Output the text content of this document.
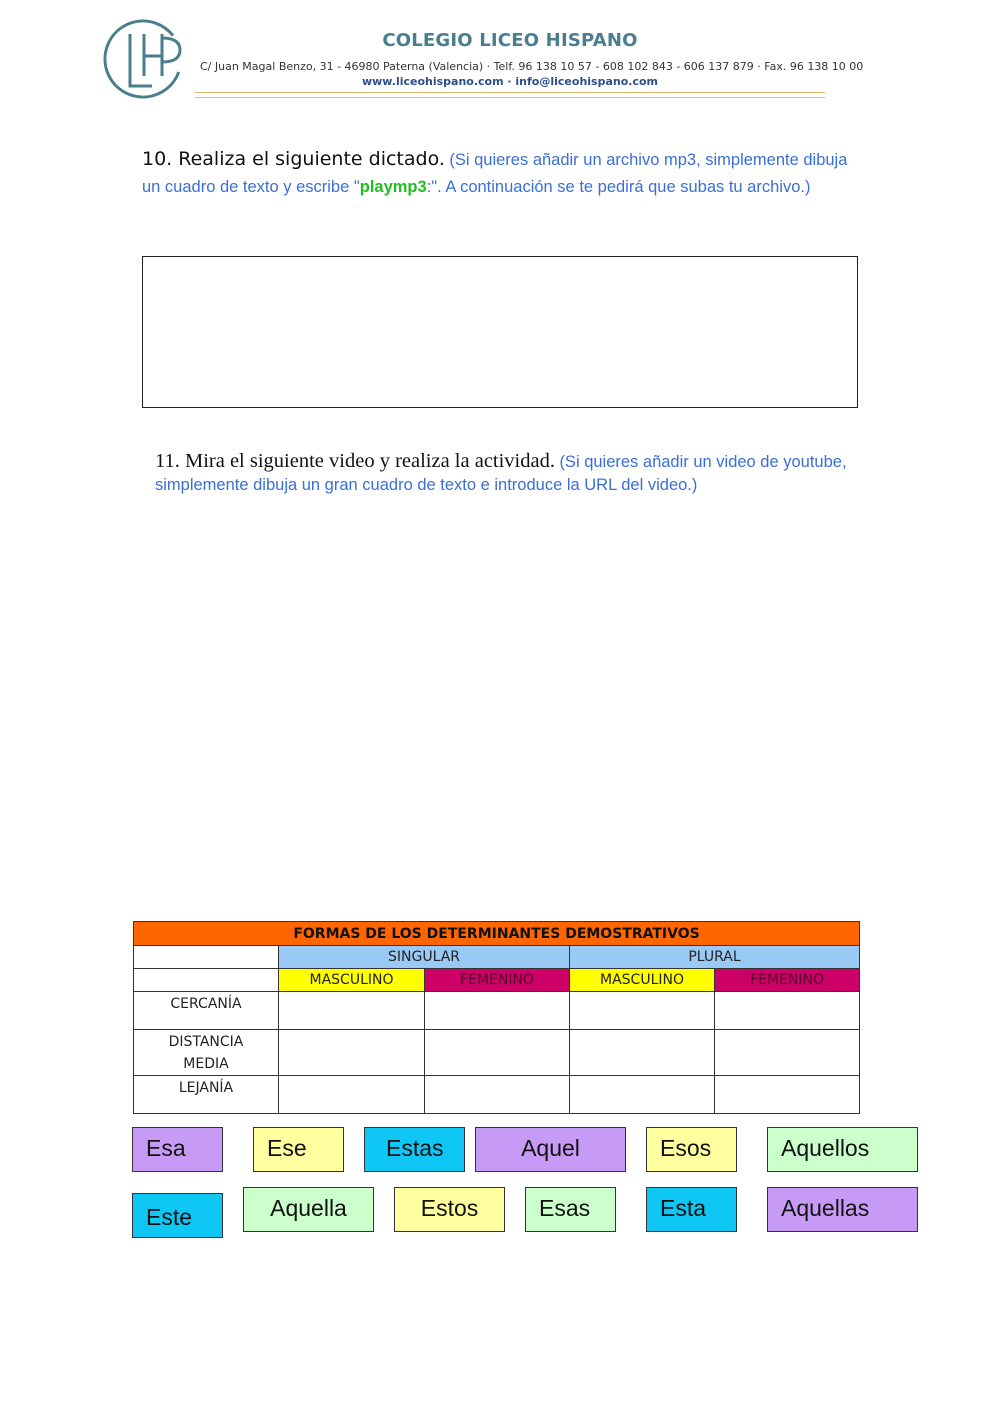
COLEGIO LICEO HISPANO
C/ Juan Magal Benzo, 31 - 46980 Paterna (Valencia) · Telf. 96 138 10 57 - 608 102 843 - 606 137 879 · Fax. 96 138 10 00
www.liceohispano.com · info@liceohispano.com
10. Realiza el siguiente dictado. (Si quieres añadir un archivo mp3, simplemente dibuja un cuadro de texto y escribe "playmp3:". A continuación se te pedirá que subas tu archivo.)
11. Mira el siguiente video y realiza la actividad. (Si quieres añadir un video de youtube, simplemente dibuja un gran cuadro de texto e introduce la URL del video.)
FORMAS DE LOS DETERMINANTES DEMOSTRATIVOS				
	SINGULAR		PLURAL	
	MASCULINO	FEMENINO	MASCULINO	FEMENINO
CERCANÍA				
DISTANCIA MEDIA				
LEJANÍA				
Esa	Ese	Estas	Aquel	Esos	Aquellos
Este	Aquella	Estos	Esas	Esta	Aquellas
